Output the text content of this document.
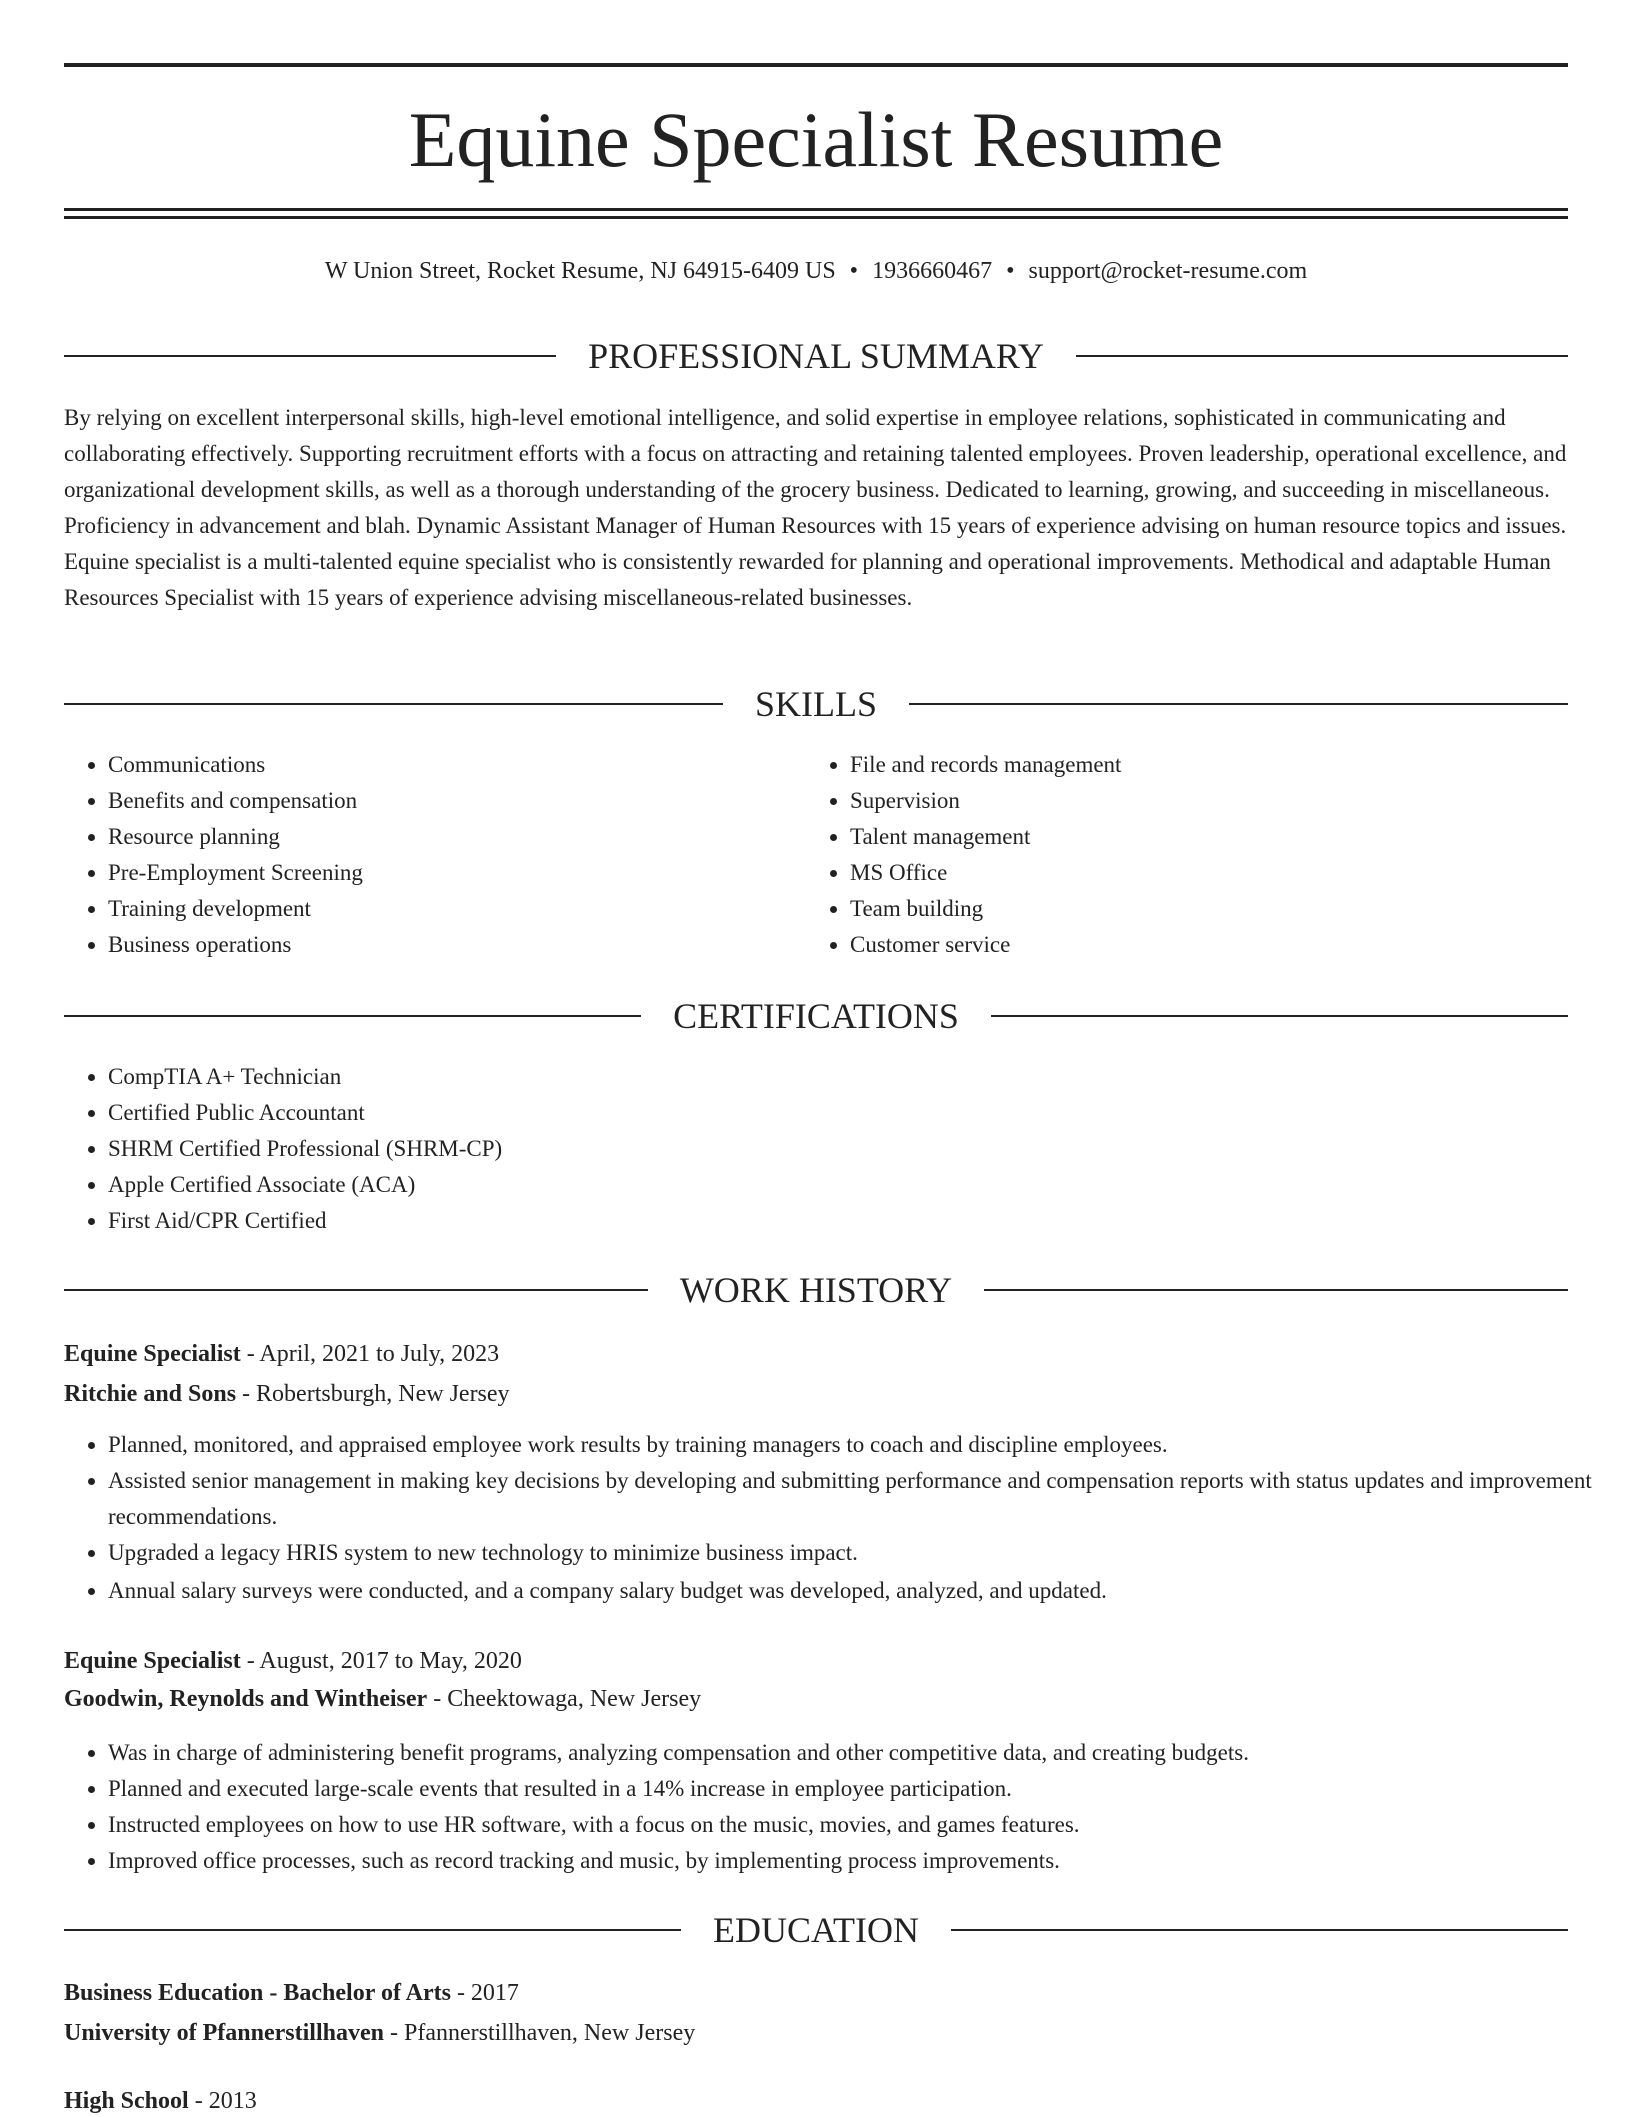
Equine Specialist Resume
W Union Street, Rocket Resume, NJ 64915-6409 US • 1936660467 • support@rocket-resume.com
PROFESSIONAL SUMMARY

By relying on excellent interpersonal skills, high-level emotional intelligence, and solid expertise in employee relations, sophisticated in communicating and collaborating effectively. Supporting recruitment efforts with a focus on attracting and retaining talented employees. Proven leadership, operational excellence, and organizational development skills, as well as a thorough understanding of the grocery business. Dedicated to learning, growing, and succeeding in miscellaneous. Proficiency in advancement and blah. Dynamic Assistant Manager of Human Resources with 15 years of experience advising on human resource topics and issues. Equine specialist is a multi-talented equine specialist who is consistently rewarded for planning and operational improvements. Methodical and adaptable Human Resources Specialist with 15 years of experience advising miscellaneous-related businesses.

SKILLS
• Communications
• Benefits and compensation
• Resource planning
• Pre-Employment Screening
• Training development
• Business operations
• File and records management
• Supervision
• Talent management
• MS Office
• Team building
• Customer service
CERTIFICATIONS
• CompTIA A+ Technician
• Certified Public Accountant
• SHRM Certified Professional (SHRM-CP)
• Apple Certified Associate (ACA)
• First Aid/CPR Certified
WORK HISTORY
Equine Specialist - April, 2021 to July, 2023
Ritchie and Sons - Robertsburgh, New Jersey
• Planned, monitored, and appraised employee work results by training managers to coach and discipline employees.
• Assisted senior management in making key decisions by developing and submitting performance and compensation reports with status updates and improvement recommendations.
• Upgraded a legacy HRIS system to new technology to minimize business impact.
• Annual salary surveys were conducted, and a company salary budget was developed, analyzed, and updated.
Equine Specialist - August, 2017 to May, 2020
Goodwin, Reynolds and Wintheiser - Cheektowaga, New Jersey
• Was in charge of administering benefit programs, analyzing compensation and other competitive data, and creating budgets.
• Planned and executed large-scale events that resulted in a 14% increase in employee participation.
• Instructed employees on how to use HR software, with a focus on the music, movies, and games features.
• Improved office processes, such as record tracking and music, by implementing process improvements.
EDUCATION
Business Education - Bachelor of Arts - 2017
University of Pfannerstillhaven - Pfannerstillhaven, New Jersey
High School - 2013
